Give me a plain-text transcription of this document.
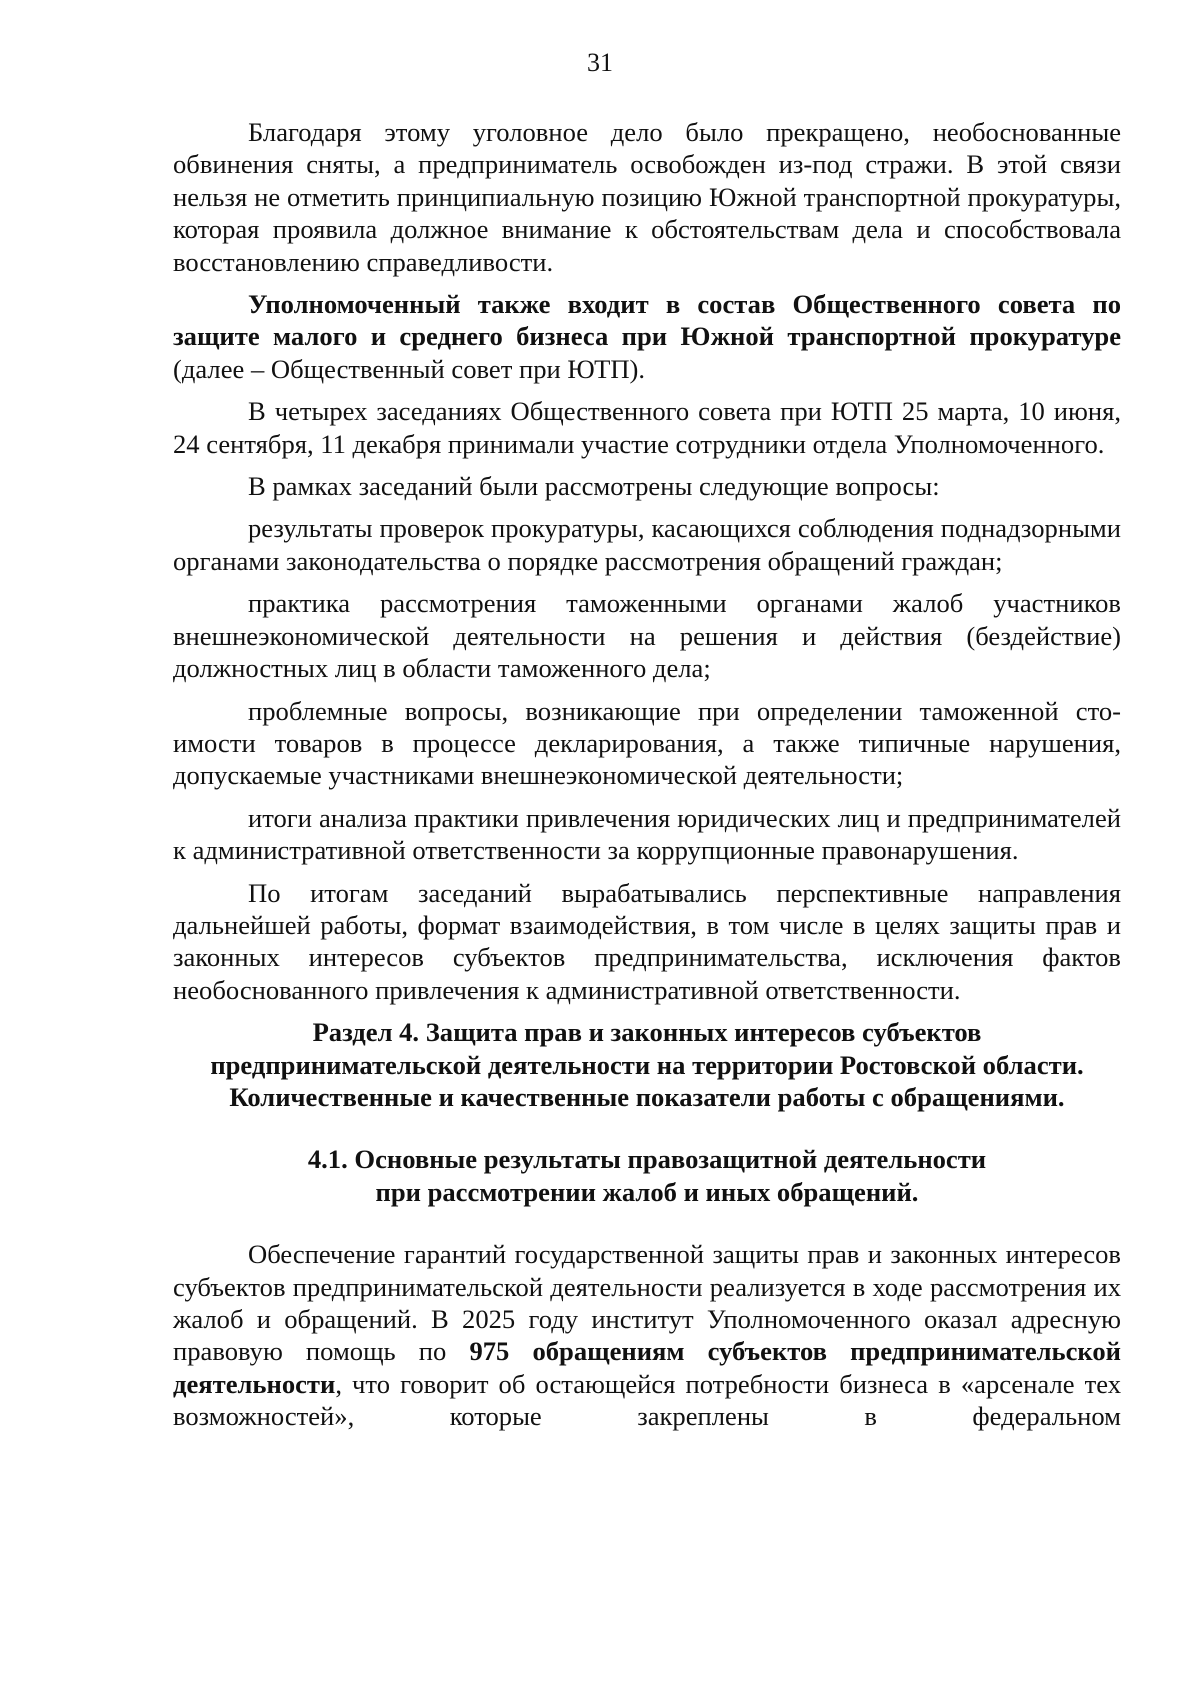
31

Благодаря этому уголовное дело было прекращено, необоснованные обвинения сняты, а предприниматель освобожден из-под стражи. В этой связи нельзя не отметить принципиальную позицию Южной транспортной прокуратуры, которая проявила должное внимание к обстоятельствам дела и способствовала восстановлению справедливости.

Уполномоченный также входит в состав Общественного совета по защите малого и среднего бизнеса при Южной транспортной прокуратуре (далее – Общественный совет при ЮТП).

В четырех заседаниях Общественного совета при ЮТП 25 марта, 10 июня, 24 сентября, 11 декабря принимали участие сотрудники отдела Уполномоченного.

В рамках заседаний были рассмотрены следующие вопросы:

результаты проверок прокуратуры, касающихся соблюдения поднадзорными органами законодательства о порядке рассмотрения обращений граждан;

практика рассмотрения таможенными органами жалоб участников внешнеэкономической деятельности на решения и действия (бездействие) должностных лиц в области таможенного дела;

проблемные вопросы, возникающие при определении таможенной стоимости товаров в процессе декларирования, а также типичные нарушения, допускаемые участниками внешнеэкономической деятельности;

итоги анализа практики привлечения юридических лиц и предпринимателей к административной ответственности за коррупционные правонарушения.

По итогам заседаний вырабатывались перспективные направления дальнейшей работы, формат взаимодействия, в том числе в целях защиты прав и законных интересов субъектов предпринимательства, исключения фактов необоснованного привлечения к административной ответственности.

Раздел 4. Защита прав и законных интересов субъектов
предпринимательской деятельности на территории Ростовской области.
Количественные и качественные показатели работы с обращениями.
4.1. Основные результаты правозащитной деятельности
при рассмотрении жалоб и иных обращений.

Обеспечение гарантий государственной защиты прав и законных интересов субъектов предпринимательской деятельности реализуется в ходе рассмотрения их жалоб и обращений. В 2025 году институт Уполномоченного оказал адресную правовую помощь по 975 обращениям субъектов предпринимательской деятельности, что говорит об остающейся потребности бизнеса в «арсенале тех возможностей», которые закреплены в федеральном
